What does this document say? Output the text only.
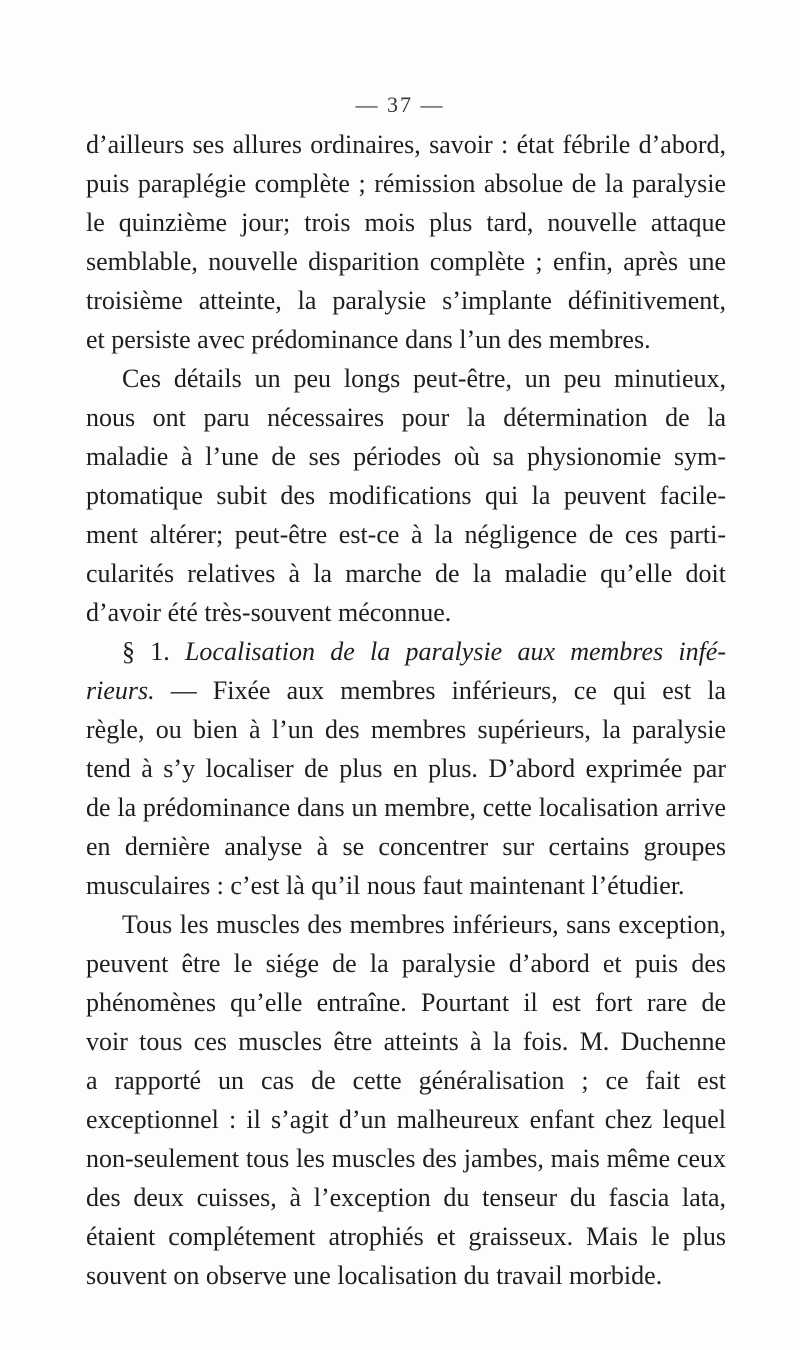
— 37 —
d’ailleurs ses allures ordinaires, savoir : état fébrile d’abord,
puis paraplégie complète ; rémission absolue de la paralysie
le quinzième jour; trois mois plus tard, nouvelle attaque
semblable, nouvelle disparition complète ; enfin, après une
troisième atteinte, la paralysie s’implante définitivement,
et persiste avec prédominance dans l’un des membres.
Ces détails un peu longs peut-être, un peu minutieux,
nous ont paru nécessaires pour la détermination de la
maladie à l’une de ses périodes où sa physionomie sym-
ptomatique subit des modifications qui la peuvent facile-
ment altérer; peut-être est-ce à la négligence de ces parti-
cularités relatives à la marche de la maladie qu’elle doit
d’avoir été très-souvent méconnue.
§ 1. Localisation de la paralysie aux membres infé-
rieurs. — Fixée aux membres inférieurs, ce qui est la
règle, ou bien à l’un des membres supérieurs, la paralysie
tend à s’y localiser de plus en plus. D’abord exprimée par
de la prédominance dans un membre, cette localisation arrive
en dernière analyse à se concentrer sur certains groupes
musculaires : c’est là qu’il nous faut maintenant l’étudier.
Tous les muscles des membres inférieurs, sans exception,
peuvent être le siége de la paralysie d’abord et puis des
phénomènes qu’elle entraîne. Pourtant il est fort rare de
voir tous ces muscles être atteints à la fois. M. Duchenne
a rapporté un cas de cette généralisation ; ce fait est
exceptionnel : il s’agit d’un malheureux enfant chez lequel
non-seulement tous les muscles des jambes, mais même ceux
des deux cuisses, à l’exception du tenseur du fascia lata,
étaient complétement atrophiés et graisseux. Mais le plus
souvent on observe une localisation du travail morbide.
